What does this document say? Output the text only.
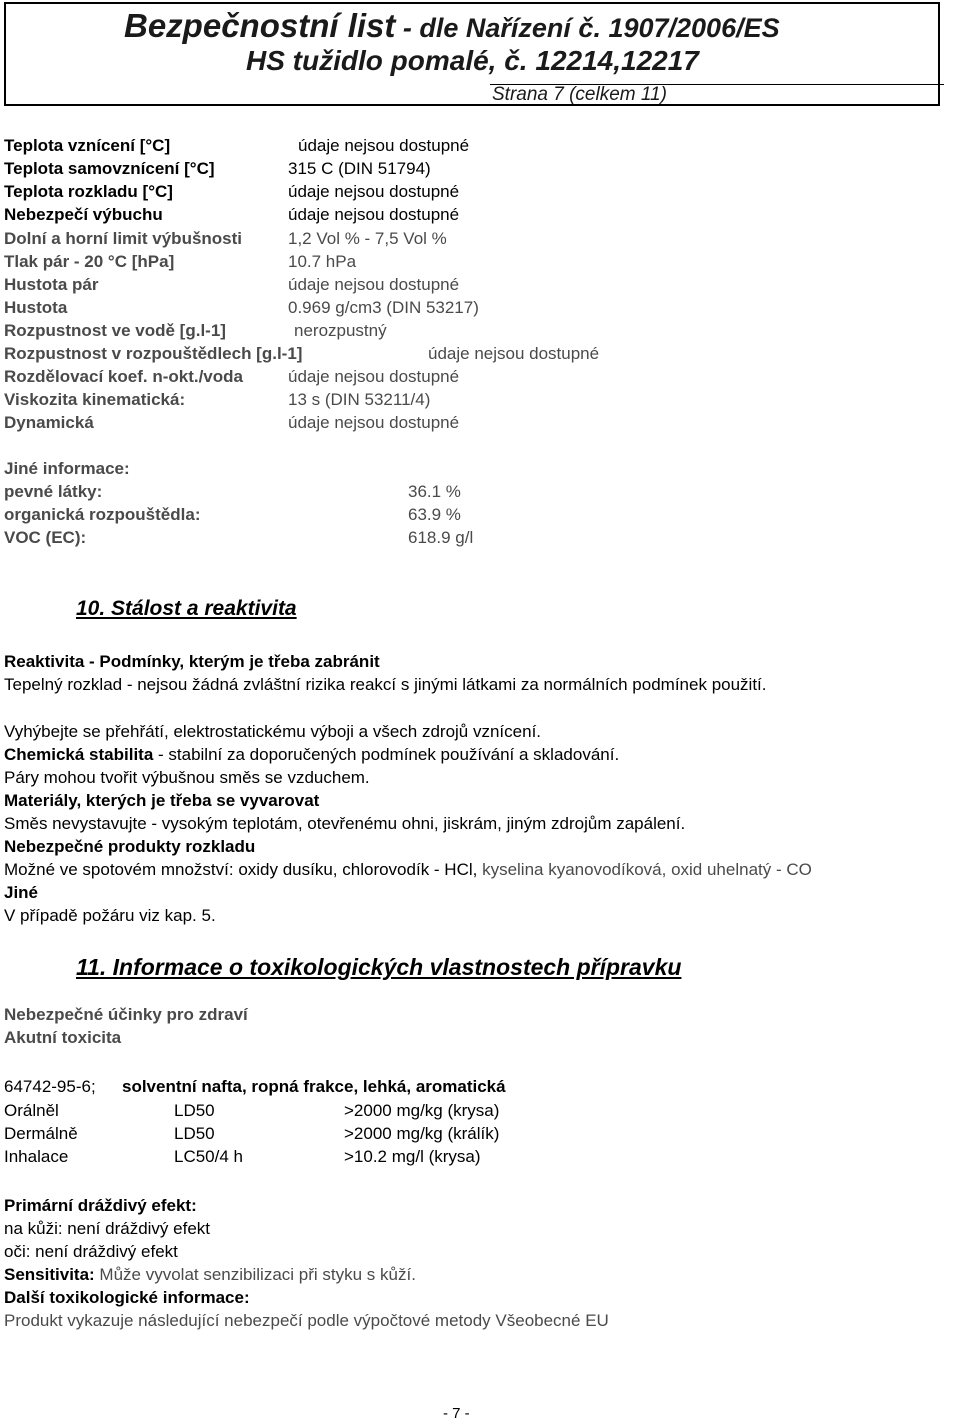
Bezpečnostní list - dle Nařízení č. 1907/2006/ES
HS tužidlo pomalé, č. 12214,12217
Strana 7 (celkem 11)
Teplota vznícení [°C]	údaje nejsou dostupné
Teplota samovznícení [°C]	315 C (DIN 51794)
Teplota rozkladu [°C]	údaje nejsou dostupné
Nebezpečí výbuchu	údaje nejsou dostupné
Dolní a horní limit výbušnosti	1,2 Vol % - 7,5 Vol %
Tlak pár - 20 °C [hPa]	10.7 hPa
Hustota pár	údaje nejsou dostupné
Hustota	0.969 g/cm3 (DIN 53217)
Rozpustnost ve vodě [g.l-1]	nerozpustný
Rozpustnost v rozpouštědlech [g.l-1]	údaje nejsou dostupné
Rozdělovací koef. n-okt./voda	údaje nejsou dostupné
Viskozita kinematická:	13 s (DIN 53211/4)
Dynamická	údaje nejsou dostupné
Jiné informace:
pevné látky:	36.1 %
organická rozpouštědla:	63.9 %
VOC (EC):	618.9 g/l
10. Stálost a reaktivita
Reaktivita - Podmínky, kterým je třeba zabránit
Tepelný rozklad - nejsou žádná zvláštní rizika reakcí s jinými látkami za normálních podmínek použití.
Vyhýbejte se přehřátí, elektrostatickému výboji a všech zdrojů vznícení.
Chemická stabilita - stabilní za doporučených podmínek používání a skladování.
Páry mohou tvořit výbušnou směs se vzduchem.
Materiály, kterých je třeba se vyvarovat
Směs nevystavujte - vysokým teplotám, otevřenému ohni, jiskrám, jiným zdrojům zapálení.
Nebezpečné produkty rozkladu
Možné ve spotovém množství: oxidy dusíku, chlorovodík - HCl, kyselina kyanovodíková, oxid uhelnatý - CO
Jiné
V případě požáru viz kap. 5.
11. Informace o toxikologických vlastnostech přípravku
Nebezpečné účinky pro zdraví
Akutní toxicita
64742-95-6; solventní nafta, ropná frakce, lehká, aromatická
Orálněl	LD50	>2000 mg/kg (krysa)
Dermálně	LD50	>2000 mg/kg (králík)
Inhalace	LC50/4 h	>10.2 mg/l (krysa)
Primární dráždivý efekt:
na kůži: není dráždivý efekt
oči: není dráždivý efekt
Sensitivita: Může vyvolat senzibilizaci při styku s kůží.
Další toxikologické informace:
Produkt vykazuje následující nebezpečí podle výpočtové metody Všeobecné EU
- 7 -
